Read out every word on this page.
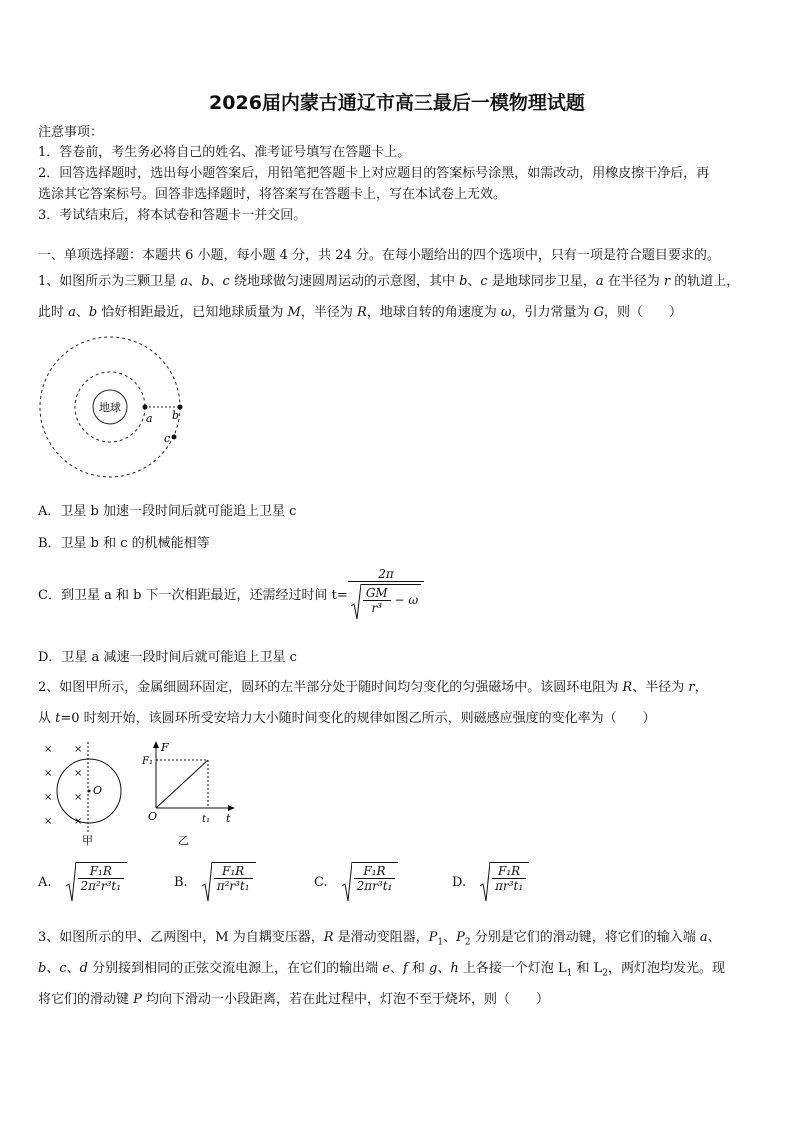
2026届内蒙古通辽市高三最后一模物理试题
注意事项：
1．答卷前，考生务必将自己的姓名、准考证号填写在答题卡上。
2．回答选择题时，选出每小题答案后，用铅笔把答题卡上对应题目的答案标号涂黑，如需改动，用橡皮擦干净后，再
选涂其它答案标号。回答非选择题时，将答案写在答题卡上，写在本试卷上无效。
3．考试结束后，将本试卷和答题卡一并交回。
一、单项选择题：本题共 6 小题，每小题 4 分，共 24 分。在每小题给出的四个选项中，只有一项是符合题目要求的。
1、如图所示为三颗卫星 a、b、c 绕地球做匀速圆周运动的示意图，其中 b、c 是地球同步卫星，a 在半径为 r 的轨道上，
此时 a、b 恰好相距最近，已知地球质量为 M，半径为 R，地球自转的角速度为 ω，引力常量为 G，则（　　）
地球
a b
c
A．卫星 b 加速一段时间后就可能追上卫星 c
B．卫星 b 和 c 的机械能相等
C．到卫星 a 和 b 下一次相距最近，还需经过时间 $t= \frac{2\pi}{\frac{GM}{\text{r³}} - \omega}$
D．卫星 a 减速一段时间后就可能追上卫星 c
2、如图甲所示，金属细圆环固定，圆环的左半部分处于随时间均匀变化的匀强磁场中。该圆环电阻为 R、半径为 r，
从 t=0 时刻开始，该圆环所受安培力大小随时间变化的规律如图乙所示，则磁感应强度的变化率为（　　）
× ×
× ×
× ×
× ×
O
甲
F
F₁
t
t₁
O
乙
A. $\frac{\text{F₁R}}{\text{2π²r³t₁}}$	B. $\frac{\text{F₁R}}{\text{π²r³t₁}}$	C. $\frac{\text{F₁R}}{\text{2πr³t₁}}$	D. $\frac{\text{F₁R}}{\text{πr³t₁}}$
3、如图所示的甲、乙两图中，M 为自耦变压器，R 是滑动变阻器，$P_1$、$P_2$ 分别是它们的滑动键，将它们的输入端 a、
b、c、d 分别接到相同的正弦交流电源上，在它们的输出端 e、f 和 g、h 上各接一个灯泡 $L_1$ 和 $L_2$，两灯泡均发光。现
将它们的滑动键 P 均向下滑动一小段距离，若在此过程中，灯泡不至于烧坏，则（　　）
